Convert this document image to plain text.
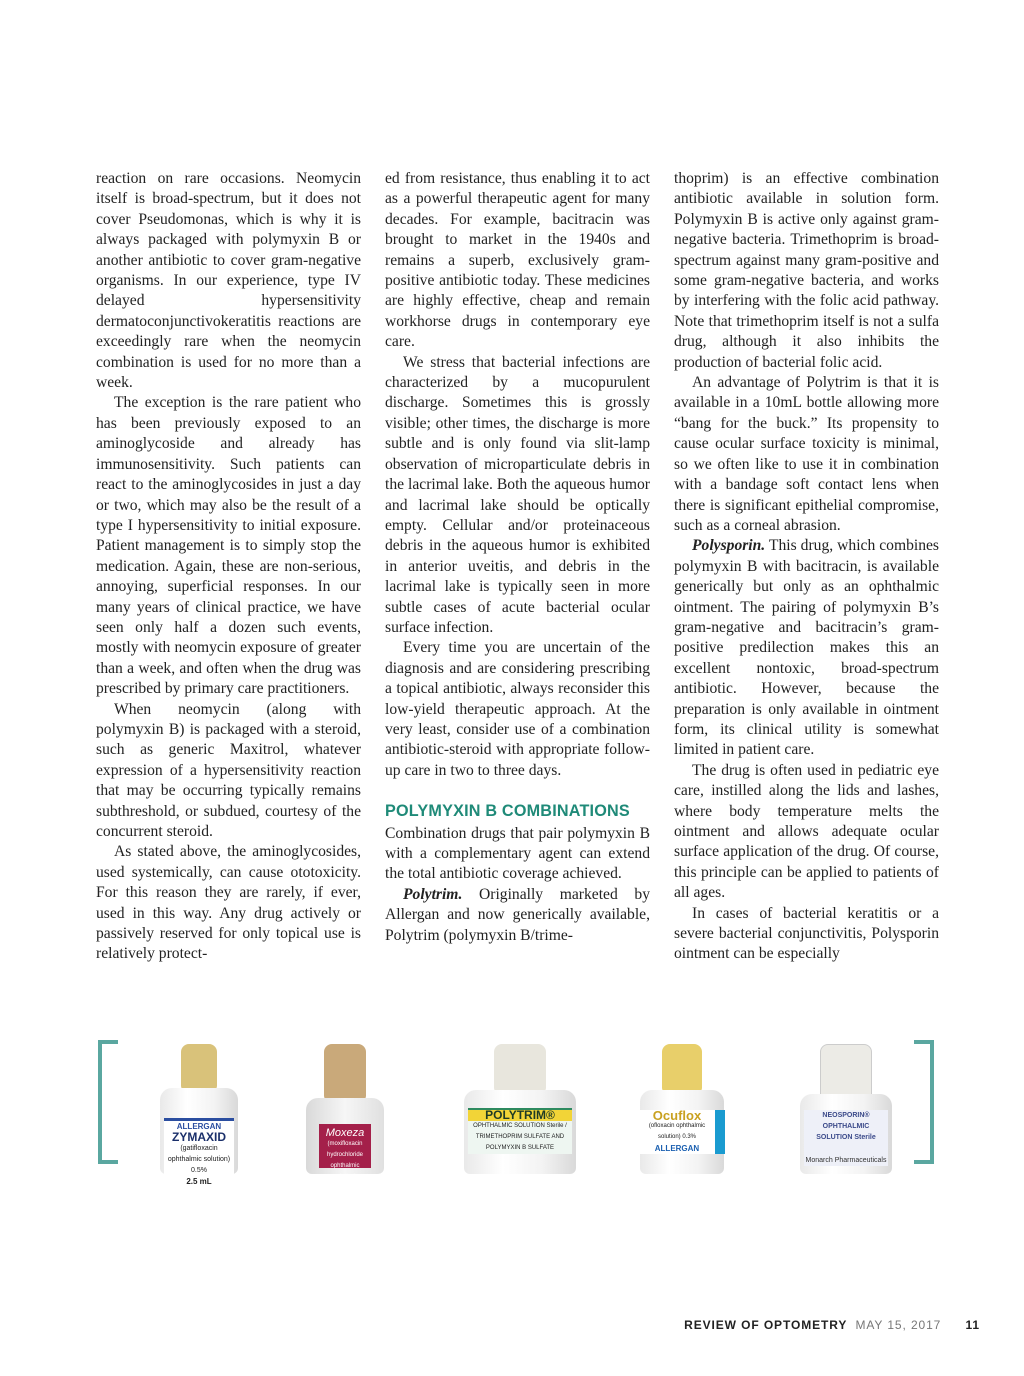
reaction on rare occasions. Neomycin itself is broad-spectrum, but it does not cover Pseudomonas, which is why it is always packaged with polymyxin B or another antibiotic to cover gram-negative organisms. In our experience, type IV delayed hypersensitivity dermatoconjunctivokeratitis reactions are exceedingly rare when the neomycin combination is used for no more than a week.

The exception is the rare patient who has been previously exposed to an aminoglycoside and already has immunosensitivity. Such patients can react to the aminoglycosides in just a day or two, which may also be the result of a type I hypersensitivity to initial exposure. Patient management is to simply stop the medication. Again, these are non-serious, annoying, superficial responses. In our many years of clinical practice, we have seen only half a dozen such events, mostly with neomycin exposure of greater than a week, and often when the drug was prescribed by primary care practitioners.

When neomycin (along with polymyxin B) is packaged with a steroid, such as generic Maxitrol, whatever expression of a hypersensitivity reaction that may be occurring typically remains subthreshold, or subdued, courtesy of the concurrent steroid.

As stated above, the aminoglycosides, used systemically, can cause ototoxicity. For this reason they are rarely, if ever, used in this way. Any drug actively or passively reserved for only topical use is relatively protect-

ed from resistance, thus enabling it to act as a powerful therapeutic agent for many decades. For example, bacitracin was brought to market in the 1940s and remains a superb, exclusively gram-positive antibiotic today. These medicines are highly effective, cheap and remain workhorse drugs in contemporary eye care.

We stress that bacterial infections are characterized by a mucopurulent discharge. Sometimes this is grossly visible; other times, the discharge is more subtle and is only found via slit-lamp observation of microparticulate debris in the lacrimal lake. Both the aqueous humor and lacrimal lake should be optically empty. Cellular and/or proteinaceous debris in the aqueous humor is exhibited in anterior uveitis, and debris in the lacrimal lake is typically seen in more subtle cases of acute bacterial ocular surface infection.

Every time you are uncertain of the diagnosis and are considering prescribing a topical antibiotic, always reconsider this low-yield therapeutic approach. At the very least, consider use of a combination antibiotic-steroid with appropriate follow-up care in two to three days.

POLYMYXIN B COMBINATIONS

Combination drugs that pair polymyxin B with a complementary agent can extend the total antibiotic coverage achieved.

Polytrim. Originally marketed by Allergan and now generically available, Polytrim (polymyxin B/trime-

thoprim) is an effective combination antibiotic available in solution form. Polymyxin B is active only against gram-negative bacteria. Trimethoprim is broad-spectrum against many gram-positive and some gram-negative bacteria, and works by interfering with the folic acid pathway. Note that trimethoprim itself is not a sulfa drug, although it also inhibits the production of bacterial folic acid.

An advantage of Polytrim is that it is available in a 10mL bottle allowing more “bang for the buck.” Its propensity to cause ocular surface toxicity is minimal, so we often like to use it in combination with a bandage soft contact lens when there is significant epithelial compromise, such as a corneal abrasion.

Polysporin. This drug, which combines polymyxin B with bacitracin, is available generically but only as an ophthalmic ointment. The pairing of polymyxin B’s gram-negative and bacitracin’s gram-positive predilection makes this an excellent nontoxic, broad-spectrum antibiotic. However, because the preparation is only available in ointment form, its clinical utility is somewhat limited in patient care.

The drug is often used in pediatric eye care, instilled along the lids and lashes, where body temperature melts the ointment and allows adequate ocular surface application of the drug. Of course, this principle can be applied to patients of all ages.

In cases of bacterial keratitis or a severe bacterial conjunctivitis, Polysporin ointment can be especially

ALLERGAN
ZYMAXID
(gatifloxacin ophthalmic solution) 0.5%
2.5 mL
Moxeza
(moxifloxacin hydrochloride ophthalmic solution)
3 mL 0.5% as base
POLYTRIM®
OPHTHALMIC SOLUTION Sterile / TRIMETHOPRIM SULFATE AND POLYMYXIN B SULFATE
Ocuflox
(ofloxacin ophthalmic solution) 0.3%
ALLERGAN
NEOSPORIN® OPHTHALMIC SOLUTION Sterile
Monarch Pharmaceuticals
REVIEW OF OPTOMETRY MAY 15, 2017 11
